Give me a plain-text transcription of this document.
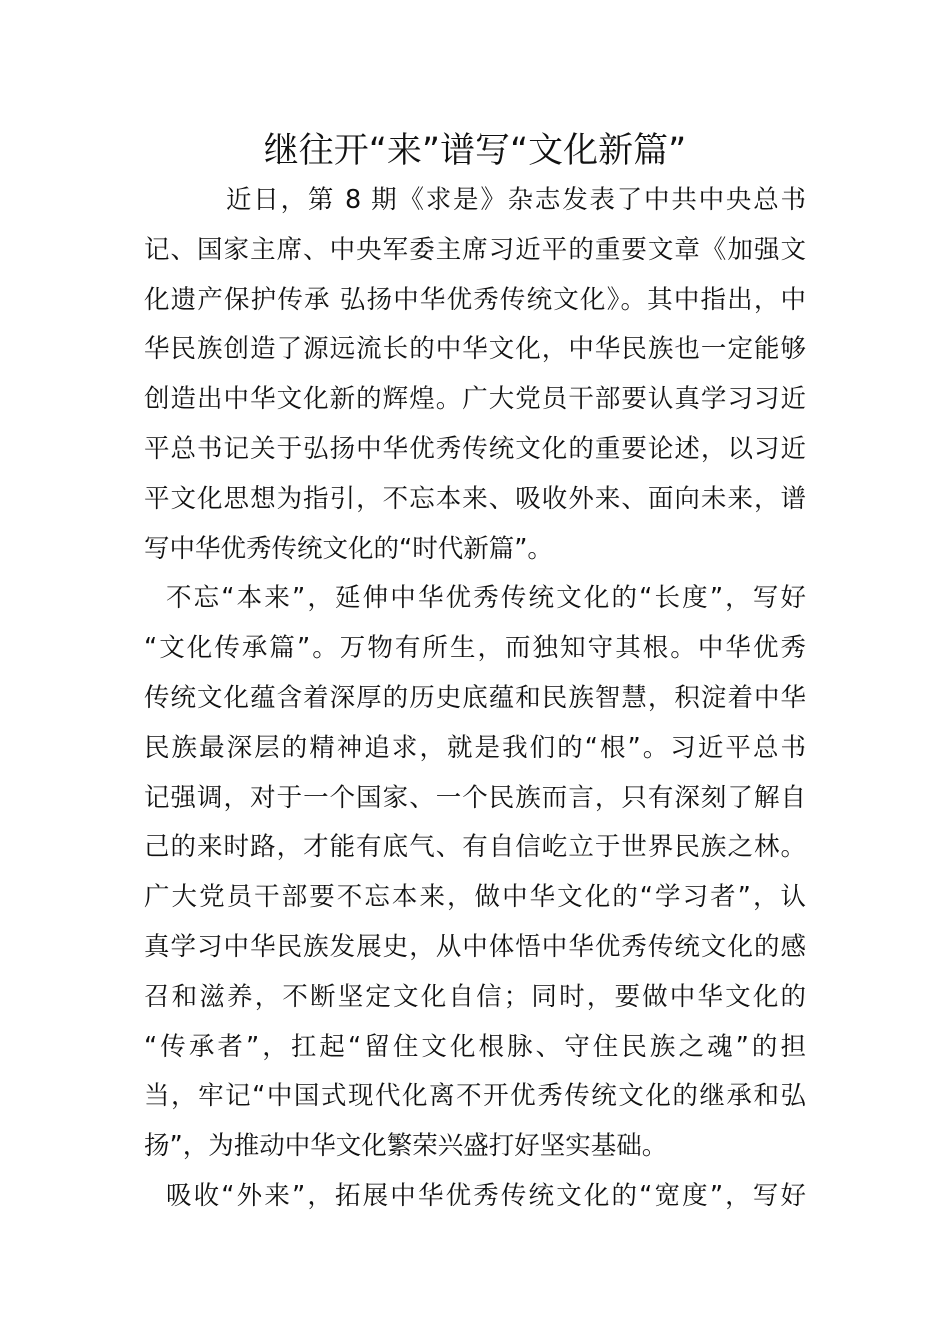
继往开“来”谱写“文化新篇”

近日，第 8 期《求是》杂志发表了中共中央总书
记、国家主席、中央军委主席习近平的重要文章《加强文
化遗产保护传承 弘扬中华优秀传统文化》。其中指出，中
华民族创造了源远流长的中华文化，中华民族也一定能够
创造出中华文化新的辉煌。广大党员干部要认真学习习近
平总书记关于弘扬中华优秀传统文化的重要论述，以习近
平文化思想为指引，不忘本来、吸收外来、面向未来，谱
写中华优秀传统文化的“时代新篇”。

不忘“本来”，延伸中华优秀传统文化的“长度”，写好
“文化传承篇”。万物有所生，而独知守其根。中华优秀
传统文化蕴含着深厚的历史底蕴和民族智慧，积淀着中华
民族最深层的精神追求，就是我们的“根”。习近平总书
记强调，对于一个国家、一个民族而言，只有深刻了解自
己的来时路，才能有底气、有自信屹立于世界民族之林。
广大党员干部要不忘本来，做中华文化的“学习者”，认
真学习中华民族发展史，从中体悟中华优秀传统文化的感
召和滋养，不断坚定文化自信；同时，要做中华文化的
“传承者”，扛起“留住文化根脉、守住民族之魂”的担
当，牢记“中国式现代化离不开优秀传统文化的继承和弘
扬”，为推动中华文化繁荣兴盛打好坚实基础。

吸收“外来”，拓展中华优秀传统文化的“宽度”，写好
